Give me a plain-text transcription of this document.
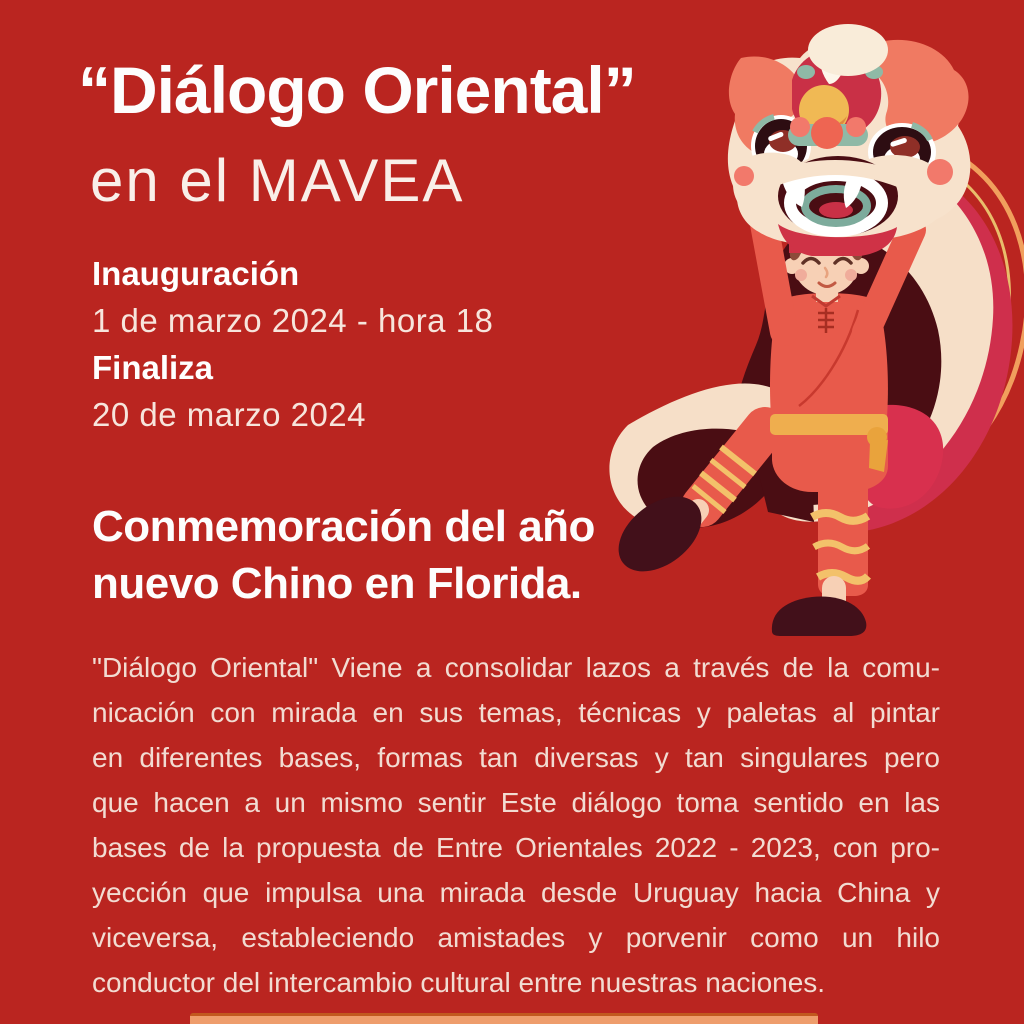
“Diálogo Oriental”
en el MAVEA
Inauguración
1 de marzo 2024 - hora 18
Finaliza
20 de marzo 2024
Conmemoración del año
nuevo Chino en Florida.
"Diálogo Oriental" Viene a consolidar lazos a través de la comu-
nicación con mirada en sus temas, técnicas y paletas al pintar
en diferentes bases, formas tan diversas y tan singulares pero
que hacen a un mismo sentir Este diálogo toma sentido en las
bases de la propuesta de Entre Orientales 2022 - 2023, con pro-
yección que impulsa una mirada desde Uruguay hacia China y
viceversa, estableciendo amistades y porvenir como un hilo
conductor del intercambio cultural entre nuestras naciones.
